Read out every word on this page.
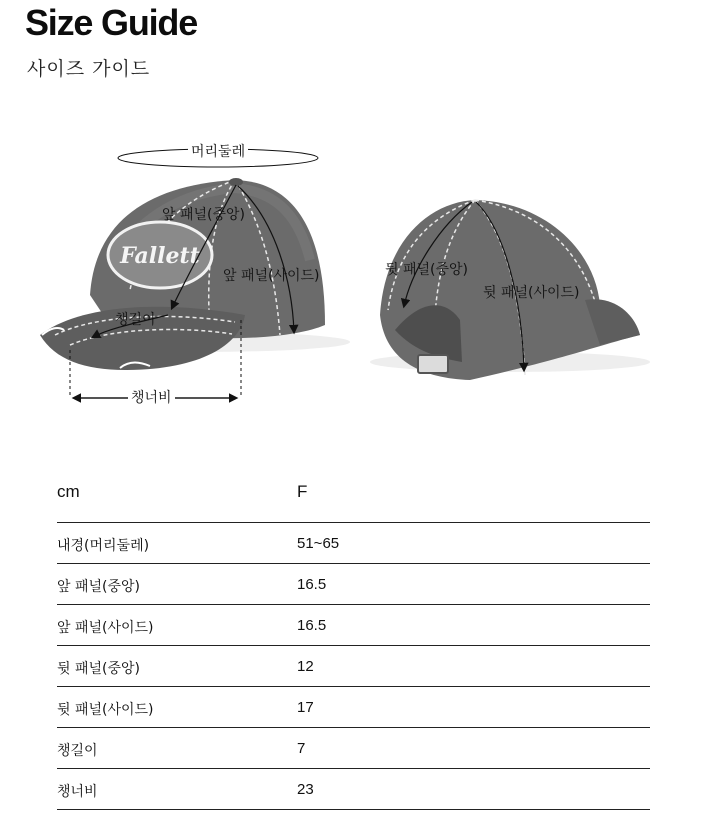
Size Guide
사이즈 가이드
Fallett
머리둘레
앞 패널(중앙)
앞 패널(사이드)
챙길이
챙너비
뒷 패널(중앙)
뒷 패널(사이드)
cm	F
내경(머리둘레)	51~65
앞 패널(중앙)	16.5
앞 패널(사이드)	16.5
뒷 패널(중앙)	12
뒷 패널(사이드)	17
챙길이	7
챙너비	23
